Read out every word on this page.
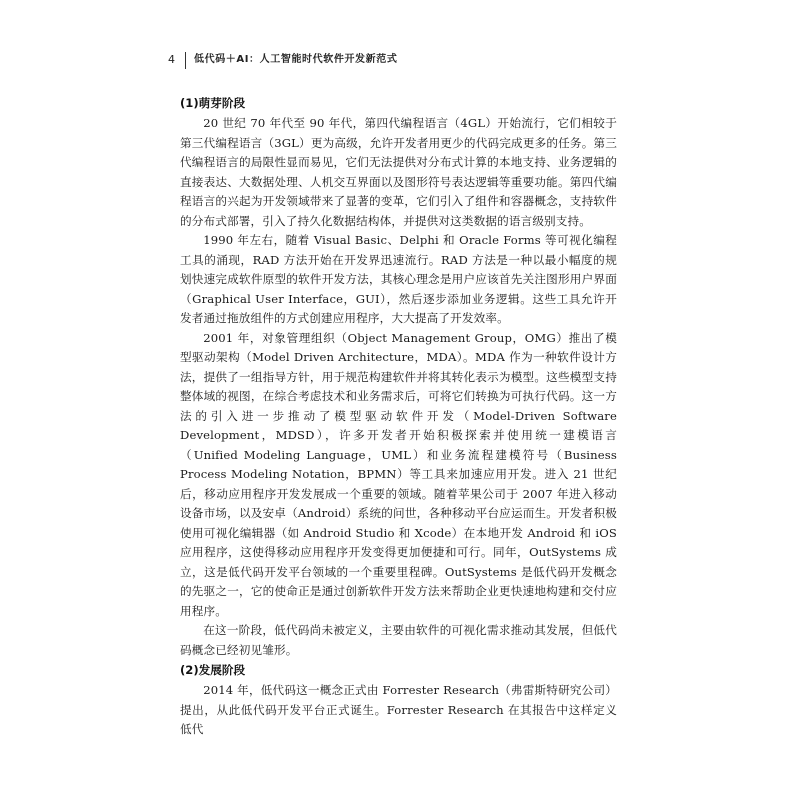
4 低代码＋AI：人工智能时代软件开发新范式

(1)萌芽阶段

20 世纪 70 年代至 90 年代，第四代编程语言（4GL）开始流行，它们相较于第三代编程语言（3GL）更为高级，允许开发者用更少的代码完成更多的任务。第三代编程语言的局限性显而易见，它们无法提供对分布式计算的本地支持、业务逻辑的直接表达、大数据处理、人机交互界面以及图形符号表达逻辑等重要功能。第四代编程语言的兴起为开发领域带来了显著的变革，它们引入了组件和容器概念，支持软件的分布式部署，引入了持久化数据结构体，并提供对这类数据的语言级别支持。

1990 年左右，随着 Visual Basic、Delphi 和 Oracle Forms 等可视化编程工具的涌现，RAD 方法开始在开发界迅速流行。RAD 方法是一种以最小幅度的规划快速完成软件原型的软件开发方法，其核心理念是用户应该首先关注图形用户界面（Graphical User Interface，GUI），然后逐步添加业务逻辑。这些工具允许开发者通过拖放组件的方式创建应用程序，大大提高了开发效率。

2001 年，对象管理组织（Object Management Group，OMG）推出了模型驱动架构（Model Driven Architecture，MDA）。MDA 作为一种软件设计方法，提供了一组指导方针，用于规范构建软件并将其转化表示为模型。这些模型支持整体域的视图，在综合考虑技术和业务需求后，可将它们转换为可执行代码。这一方法的引入进一步推动了模型驱动软件开发（Model-Driven Software Development，MDSD），许多开发者开始积极探索并使用统一建模语言（Unified Modeling Language，UML）和业务流程建模符号（Business Process Modeling Notation，BPMN）等工具来加速应用开发。进入 21 世纪后，移动应用程序开发发展成一个重要的领域。随着苹果公司于 2007 年进入移动设备市场，以及安卓（Android）系统的问世，各种移动平台应运而生。开发者积极使用可视化编辑器（如 Android Studio 和 Xcode）在本地开发 Android 和 iOS 应用程序，这使得移动应用程序开发变得更加便捷和可行。同年，OutSystems 成立，这是低代码开发平台领域的一个重要里程碑。OutSystems 是低代码开发概念的先驱之一，它的使命正是通过创新软件开发方法来帮助企业更快速地构建和交付应用程序。

在这一阶段，低代码尚未被定义，主要由软件的可视化需求推动其发展，但低代码概念已经初见雏形。

(2)发展阶段

2014 年，低代码这一概念正式由 Forrester Research（弗雷斯特研究公司）提出，从此低代码开发平台正式诞生。Forrester Research 在其报告中这样定义低代
